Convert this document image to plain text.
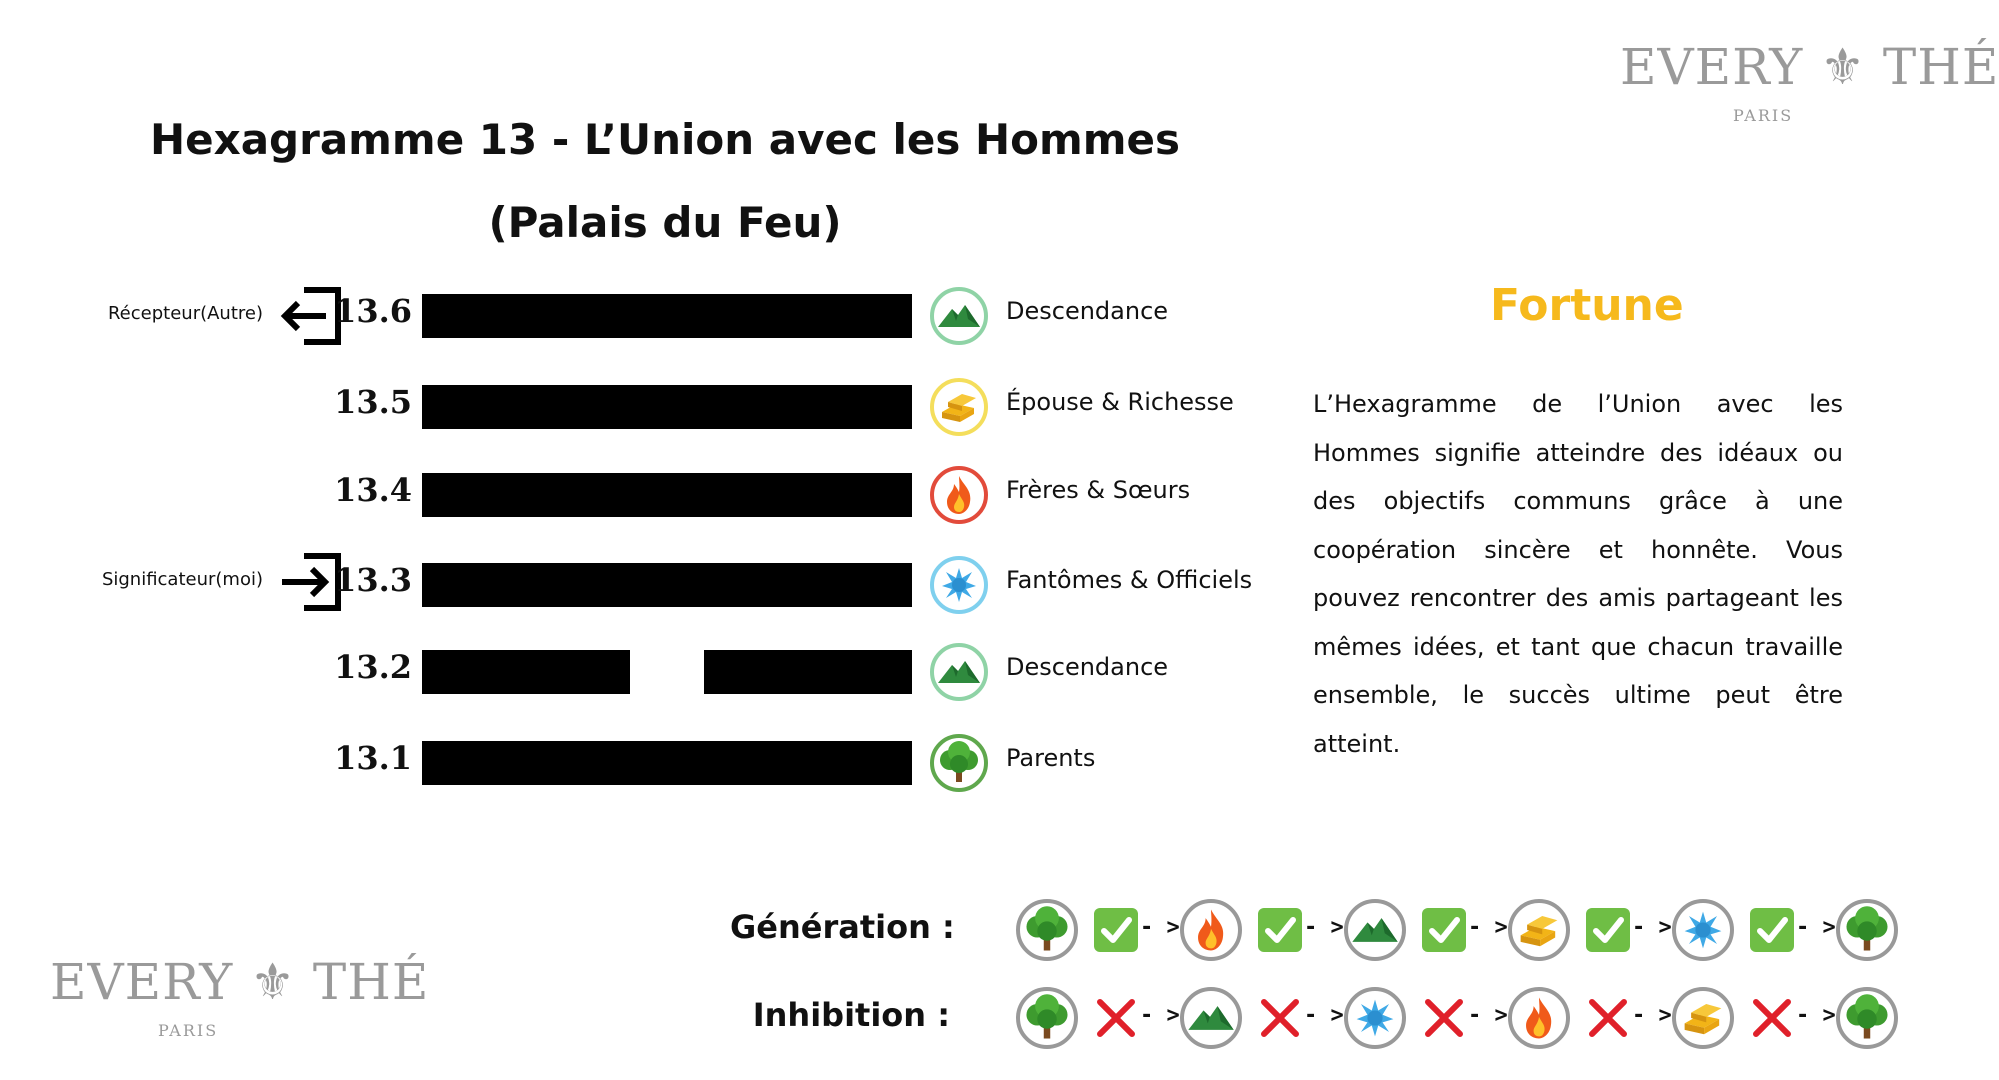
EVERY ⚜ THÉ
PARIS
EVERY ⚜ THÉ
PARIS
Hexagramme 13 - L’Union avec les Hommes
(Palais du Feu)
Récepteur(Autre)
Significateur(moi)
13.6	Descendance
13.5	Épouse & Richesse
13.4	Frères & Sœurs
13.3	Fantômes & Officiels
13.2	Descendance
13.1	Parents
Fortune
L’Hexagramme de l’Union avec les Hommes signifie atteindre des idéaux ou des objectifs communs grâce à une coopération sincère et honnête. Vous pouvez rencontrer des amis partageant les mêmes idées, et tant que chacun travaille ensemble, le succès ultime peut être atteint.
Génération :
Inhibition :
- >	- >	- >	- >	- >
- >	- >	- >	- >	- >
